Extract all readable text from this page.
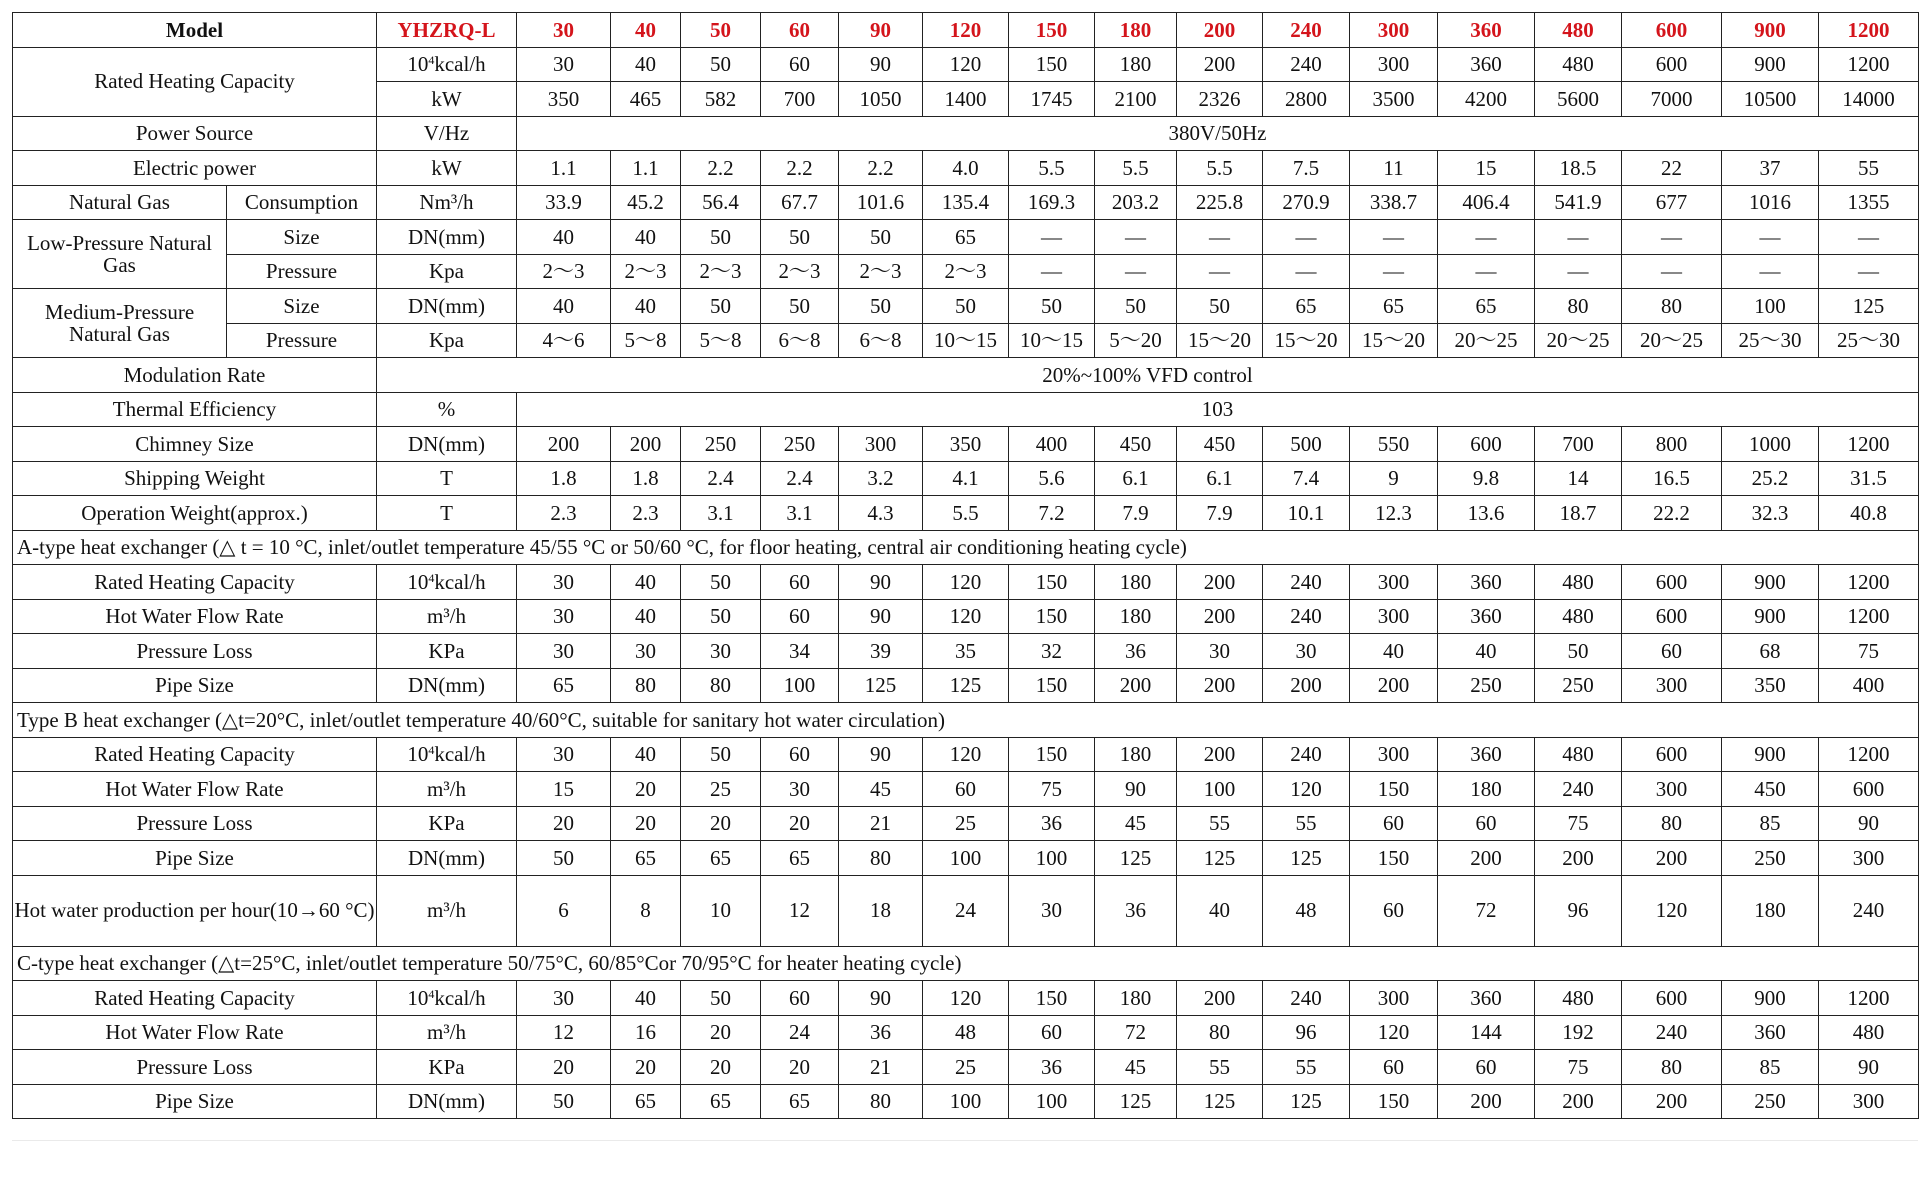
Model		YHZRQ-L	30	40	50	60	90	120	150	180	200	240	300	360	480	600	900	1200
Rated Heating Capacity		$10^4kcal/h$	30	40	50	60	90	120	150	180	200	240	300	360	480	600	900	1200
		kW	350	465	582	700	1050	1400	1745	2100	2326	2800	3500	4200	5600	7000	10500	14000
Power Source		V/Hz	380V/50Hz															
Electric power		kW	1.1	1.1	2.2	2.2	2.2	4.0	5.5	5.5	5.5	7.5	11	15	18.5	22	37	55
Natural Gas	Consumption	Nm³/h	33.9	45.2	56.4	67.7	101.6	135.4	169.3	203.2	225.8	270.9	338.7	406.4	541.9	677	1016	1355
Low-Pressure Natural Gas	Size	DN(mm)	40	40	50	50	50	65	—	—	—	—	—	—	—	—	—	—
	Pressure	Kpa	2～3	2～3	2～3	2～3	2～3	2～3	—	—	—	—	—	—	—	—	—	—
Medium-Pressure Natural Gas	Size	DN(mm)	40	40	50	50	50	50	50	50	50	65	65	65	80	80	100	125
	Pressure	Kpa	4～6	5～8	5～8	6～8	6～8	10～15	10～15	5～20	15～20	15～20	15～20	20～25	20～25	20～25	25～30	25～30
Modulation Rate		20%~100% VFD control																
Thermal Efficiency		%	103															
Chimney Size		DN(mm)	200	200	250	250	300	350	400	450	450	500	550	600	700	800	1000	1200
Shipping Weight		T	1.8	1.8	2.4	2.4	3.2	4.1	5.6	6.1	6.1	7.4	9	9.8	14	16.5	25.2	31.5
Operation Weight(approx.)		T	2.3	2.3	3.1	3.1	4.3	5.5	7.2	7.9	7.9	10.1	12.3	13.6	18.7	22.2	32.3	40.8
A-type heat exchanger (△ t = 10 °C, inlet/outlet temperature 45/55 °C or 50/60 °C, for floor heating, central air conditioning heating cycle)																		
Rated Heating Capacity		$10^4kcal/h$	30	40	50	60	90	120	150	180	200	240	300	360	480	600	900	1200
Hot Water Flow Rate		m³/h	30	40	50	60	90	120	150	180	200	240	300	360	480	600	900	1200
Pressure Loss		KPa	30	30	30	34	39	35	32	36	30	30	40	40	50	60	68	75
Pipe Size		DN(mm)	65	80	80	100	125	125	150	200	200	200	200	250	250	300	350	400
Type B heat exchanger (△t=20°C, inlet/outlet temperature 40/60°C, suitable for sanitary hot water circulation)																		
Rated Heating Capacity		$10^4kcal/h$	30	40	50	60	90	120	150	180	200	240	300	360	480	600	900	1200
Hot Water Flow Rate		m³/h	15	20	25	30	45	60	75	90	100	120	150	180	240	300	450	600
Pressure Loss		KPa	20	20	20	20	21	25	36	45	55	55	60	60	75	80	85	90
Pipe Size		DN(mm)	50	65	65	65	80	100	100	125	125	125	150	200	200	200	250	300
Hot water production per hour(10→60 °C)		m³/h	6	8	10	12	18	24	30	36	40	48	60	72	96	120	180	240
C-type heat exchanger (△t=25°C, inlet/outlet temperature 50/75°C, 60/85°Cor 70/95°C for heater heating cycle)																		
Rated Heating Capacity		$10^4kcal/h$	30	40	50	60	90	120	150	180	200	240	300	360	480	600	900	1200
Hot Water Flow Rate		m³/h	12	16	20	24	36	48	60	72	80	96	120	144	192	240	360	480
Pressure Loss		KPa	20	20	20	20	21	25	36	45	55	55	60	60	75	80	85	90
Pipe Size		DN(mm)	50	65	65	65	80	100	100	125	125	125	150	200	200	200	250	300
